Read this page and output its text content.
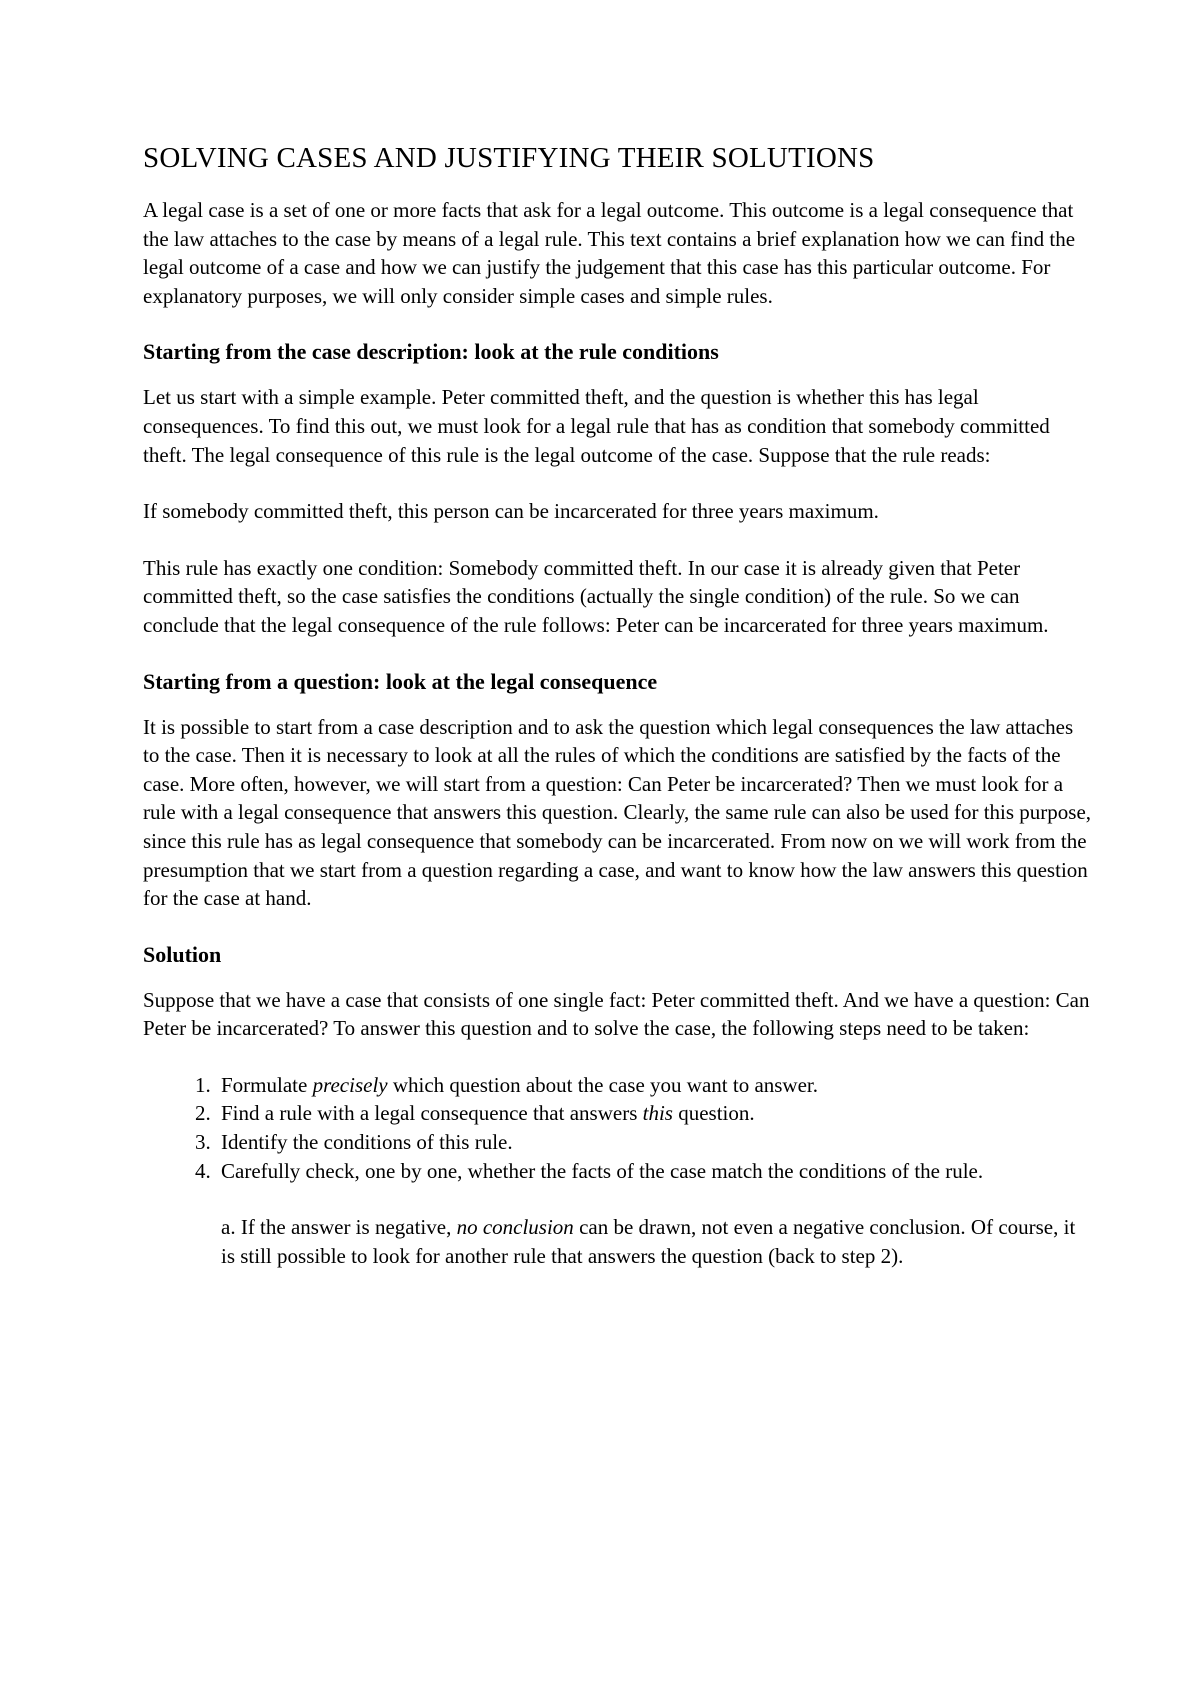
SOLVING CASES AND JUSTIFYING THEIR SOLUTIONS

A legal case is a set of one or more facts that ask for a legal outcome. This outcome is a legal consequence that the law attaches to the case by means of a legal rule. This text contains a brief explanation how we can find the legal outcome of a case and how we can justify the judgement that this case has this particular outcome. For explanatory purposes, we will only consider simple cases and simple rules.

Starting from the case description: look at the rule conditions

Let us start with a simple example. Peter committed theft, and the question is whether this has legal consequences. To find this out, we must look for a legal rule that has as condition that somebody committed theft. The legal consequence of this rule is the legal outcome of the case. Suppose that the rule reads:

If somebody committed theft, this person can be incarcerated for three years maximum.

This rule has exactly one condition: Somebody committed theft. In our case it is already given that Peter committed theft, so the case satisfies the conditions (actually the single condition) of the rule. So we can conclude that the legal consequence of the rule follows: Peter can be incarcerated for three years maximum.

Starting from a question: look at the legal consequence

It is possible to start from a case description and to ask the question which legal consequences the law attaches to the case. Then it is necessary to look at all the rules of which the conditions are satisfied by the facts of the case. More often, however, we will start from a question: Can Peter be incarcerated? Then we must look for a rule with a legal consequence that answers this question. Clearly, the same rule can also be used for this purpose, since this rule has as legal consequence that somebody can be incarcerated. From now on we will work from the presumption that we start from a question regarding a case, and want to know how the law answers this question for the case at hand.

Solution

Suppose that we have a case that consists of one single fact: Peter committed theft. And we have a question: Can Peter be incarcerated? To answer this question and to solve the case, the following steps need to be taken:

1. Formulate precisely which question about the case you want to answer.
2. Find a rule with a legal consequence that answers this question.
3. Identify the conditions of this rule.
4. Carefully check, one by one, whether the facts of the case match the conditions of the rule.
a. If the answer is negative, no conclusion can be drawn, not even a negative conclusion. Of course, it is still possible to look for another rule that answers the question (back to step 2).
